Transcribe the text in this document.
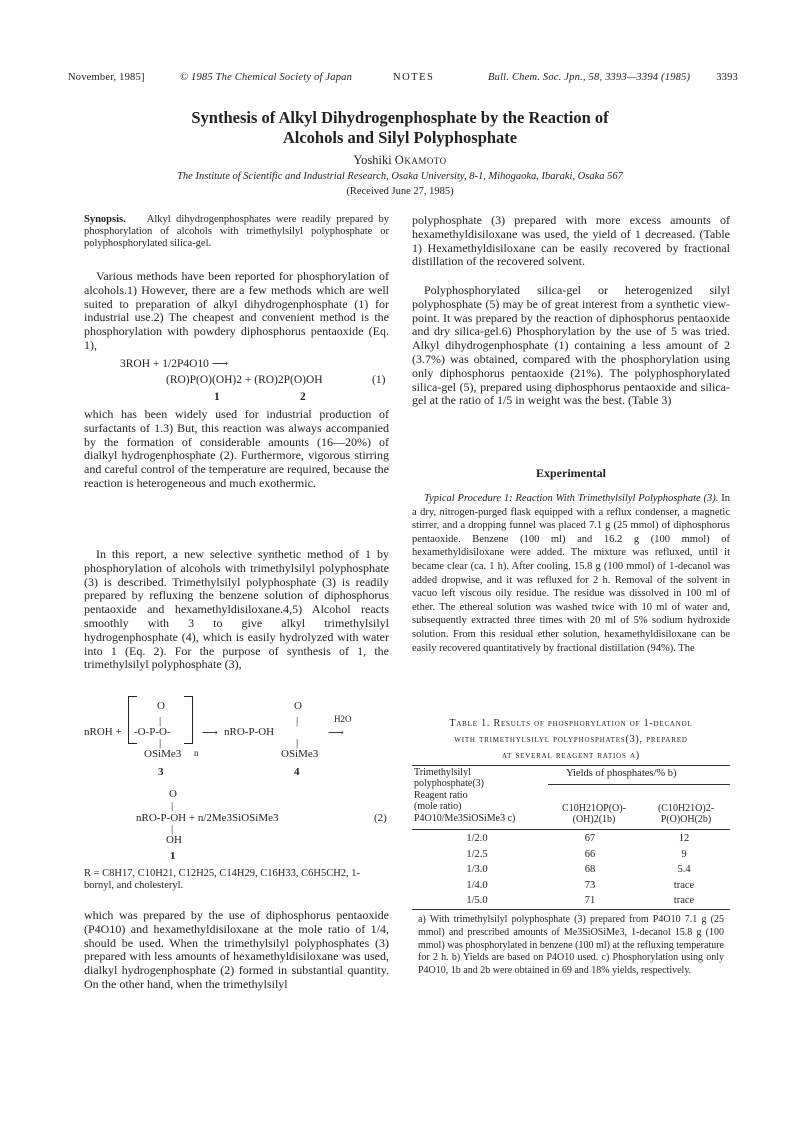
November, 1985]	© 1985 The Chemical Society of Japan	NOTES	Bull. Chem. Soc. Jpn., 58, 3393—3394 (1985) 3393
Synthesis of Alkyl Dihydrogenphosphate by the Reaction of
Alcohols and Silyl Polyphosphate
Yoshiki Okamoto
The Institute of Scientific and Industrial Research, Osaka University, 8-1, Mihogaoka, Ibaraki, Osaka 567
(Received June 27, 1985)
Synopsis. Alkyl dihydrogenphosphates were readily prepared by phosphorylation of alcohols with trimethylsilyl polyphosphate or polyphosphorylated silica-gel.
Various methods have been reported for phosphorylation of alcohols.1) However, there are a few methods which are well suited to preparation of alkyl dihydrogenphosphate (1) for industrial use.2) The cheapest and convenient method is the phosphorylation with powdery diphosphorus pentaoxide (Eq. 1),
3ROH + 1/2P4O10 ⟶
(RO)P(O)(OH)2 + (RO)2P(O)OH	(1)
1	2
which has been widely used for industrial production of surfactants of 1.3) But, this reaction was always accompanied by the formation of considerable amounts (16—20%) of dialkyl hydrogenphosphate (2). Furthermore, vigorous stirring and careful control of the temperature are required, because the reaction is heterogeneous and much exothermic.
In this report, a new selective synthetic method of 1 by phosphorylation of alcohols with trimethylsilyl polyphosphate (3) is described. Trimethylsilyl polyphosphate (3) is readily prepared by refluxing the benzene solution of diphosphorus pentaoxide and hexamethyldisiloxane.4,5) Alcohol reacts smoothly with 3 to give alkyl trimethylsilyl hydrogenphosphate (4), which is easily hydrolyzed with water into 1 (Eq. 2). For the purpose of synthesis of 1, the trimethylsilyl polyphosphate (3),
O	O
|	|
nROH + -O-P-O-
|
OSiMe3 n
⟶ nRO-P-OH
|
OSiMe3
H2O
⟶
3	4
O
|
nRO-P-OH + n/2Me3SiOSiMe3	(2)
|
OH
1
R = C8H17, C10H21, C12H25, C14H29, C16H33, C6H5CH2, 1-bornyl, and cholesteryl.
which was prepared by the use of diphosphorus pentaoxide (P4O10) and hexamethyldisiloxane at the mole ratio of 1/4, should be used. When the trimethylsilyl polyphosphates (3) prepared with less amounts of hexamethyldisiloxane was used, dialkyl hydrogenphosphate (2) formed in substantial quantity. On the other hand, when the trimethylsilyl
polyphosphate (3) prepared with more excess amounts of hexamethyldisiloxane was used, the yield of 1 decreased. (Table 1) Hexamethyldisiloxane can be easily recovered by fractional distillation of the recovered solvent.
Polyphosphorylated silica-gel or heterogenized silyl polyphosphate (5) may be of great interest from a synthetic view-point. It was prepared by the reaction of diphosphorus pentaoxide and dry silica-gel.6) Phosphorylation by the use of 5 was tried. Alkyl dihydrogenphosphate (1) containing a less amount of 2 (3.7%) was obtained, compared with the phosphorylation using only diphosphorus pentaoxide (21%). The polyphosphorylated silica-gel (5), prepared using diphosphorus pentaoxide and silica-gel at the ratio of 1/5 in weight was the best. (Table 3)
Experimental
Typical Procedure 1: Reaction With Trimethylsilyl Polyphosphate (3). In a dry, nitrogen-purged flask equipped with a reflux condenser, a magnetic stirrer, and a dropping funnel was placed 7.1 g (25 mmol) of diphosphorus pentaoxide. Benzene (100 ml) and 16.2 g (100 mmol) of hexamethyldisiloxane were added. The mixture was refluxed, until it became clear (ca. 1 h). After cooling, 15.8 g (100 mmol) of 1-decanol was added dropwise, and it was refluxed for 2 h. Removal of the solvent in vacuo left viscous oily residue. The residue was dissolved in 100 ml of ether. The ethereal solution was washed twice with 10 ml of water and, subsequently extracted three times with 20 ml of 5% sodium hydroxide solution. From this residual ether solution, hexamethyldisiloxane can be easily recovered quantitatively by fractional distillation (94%). The
Table 1. Results of phosphorylation of 1-decanol
with trimethylsilyl polyphosphates(3), prepared
at several reagent ratios a)
Trimethylsilyl
polyphosphate(3)
Reagent ratio
(mole ratio)
P4O10/Me3SiOSiMe3 c)
Yields of phosphates/% b)
C10H21OP(O)-
(OH)2(1b)
(C10H21O)2-
P(O)OH(2b)
1/2.0	67	12
1/2.5	66	9
1/3.0	68	5.4
1/4.0	73	trace
1/5.0	71	trace
a) With trimethylsilyl polyphosphate (3) prepared from P4O10 7.1 g (25 mmol) and prescribed amounts of Me3SiOSiMe3, 1-decanol 15.8 g (100 mmol) was phosphorylated in benzene (100 ml) at the refluxing temperature for 2 h. b) Yields are based on P4O10 used. c) Phosphorylation using only P4O10, 1b and 2b were obtained in 69 and 18% yields, respectively.
